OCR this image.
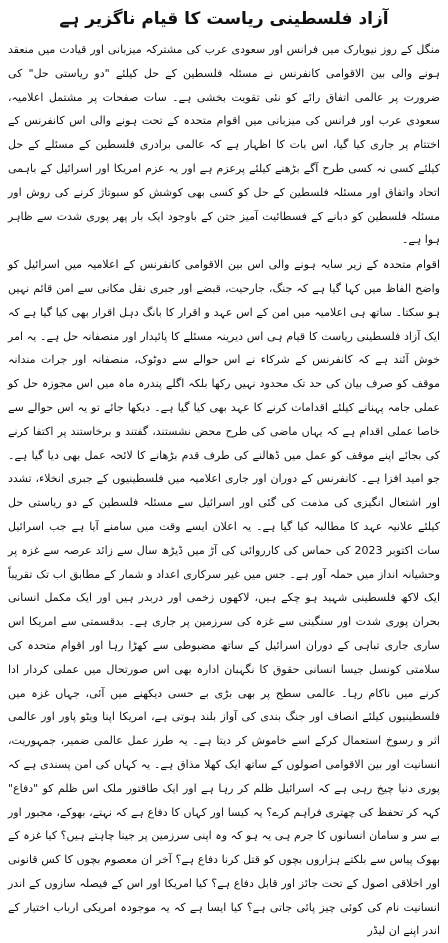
آزاد فلسطینی ریاست کا قیام ناگزیر ہے

منگل کے روز نیویارک میں فرانس اور سعودی عرب کی مشترکہ میزبانی اور قیادت میں منعقد ہونے والی بین الاقوامی کانفرنس نے مسئلہ فلسطین کے حل کیلئے "دو ریاستی حل" کی ضرورت پر عالمی اتفاق رائے کو نئی تقویت بخشی ہے۔ سات صفحات پر مشتمل اعلامیہ، سعودی عرب اور فرانس کی میزبانی میں اقوام متحدہ کے تحت ہونے والی اس کانفرنس کے اختتام پر جاری کیا گیا، اس بات کا اظہار ہے کہ عالمی برادری فلسطین کے مسئلے کے حل کیلئے کسی نہ کسی طرح آگے بڑھنے کیلئے پرعزم ہے اور یہ عزم امریکا اور اسرائیل کے باہمی اتحاد واتفاق اور مسئلہ فلسطین کے حل کو کسی بھی کوشش کو سبوتاژ کرنے کی روش اور مسئلہ فلسطین کو دبانے کے فسطائیت آمیز جتن کے باوجود ایک بار پھر پوری شدت سے ظاہر ہوا ہے۔

اقوام متحدہ کے زیر سایہ ہونے والی اس بین الاقوامی کانفرنس کے اعلامیہ میں اسرائیل کو واضح الفاظ میں کہا گیا ہے کہ جنگ، جارحیت، قبضے اور جبری نقل مکانی سے امن قائم نہیں ہو سکتا۔ ساتھ ہی اعلامیہ میں امن کے اس عہد و اقرار کا بانگ دہل اقرار بھی کیا گیا ہے کہ ایک آزاد فلسطینی ریاست کا قیام ہی اس دیرینہ مسئلے کا پائیدار اور منصفانہ حل ہے۔ یہ امر خوش آئند ہے کہ کانفرنس کے شرکاء نے اس حوالے سے دوٹوک، منصفانہ اور جرات مندانہ موقف کو صرف بیان کی حد تک محدود نہیں رکھا بلکہ اگلے پندرہ ماہ میں اس مجوزہ حل کو عملی جامہ پہنانے کیلئے اقدامات کرنے کا عہد بھی کیا گیا ہے۔ دیکھا جائے تو یہ اس حوالے سے خاصا عملی اقدام ہے کہ یہاں ماضی کی طرح محض نشستند، گفتند و برخاستند پر اکتفا کرنے کی بجائے اپنے موقف کو عمل میں ڈھالنے کی طرف قدم بڑھانے کا لائحہ عمل بھی دیا گیا ہے۔ جو امید افزا ہے۔ کانفرنس کے دوران اور جاری اعلامیہ میں فلسطینیوں کے جبری انخلاء، تشدد اور اشتعال انگیزی کی مذمت کی گئی اور اسرائیل سے مسئلہ فلسطین کے دو ریاستی حل کیلئے علانیہ عہد کا مطالبہ کیا گیا ہے۔ یہ اعلان ایسے وقت میں سامنے آیا ہے جب اسرائیل سات اکتوبر 2023 کی حماس کی کارروائی کی آڑ میں ڈیڑھ سال سے زائد عرصہ سے غزہ پر وحشیانہ انداز میں حملہ آور ہے۔ جس میں غیر سرکاری اعداد و شمار کے مطابق اب تک تقریباً ایک لاکھ فلسطینی شہید ہو چکے ہیں، لاکھوں زخمی اور دربدر ہیں اور ایک مکمل انسانی بحران پوری شدت اور سنگینی سے غزہ کی سرزمین پر جاری ہے۔ بدقسمتی سے امریکا اس ساری جاری تباہی کے دوران اسرائیل کے ساتھ مضبوطی سے کھڑا رہا اور اقوام متحدہ کی سلامتی کونسل جیسا انسانی حقوق کا نگہبان ادارہ بھی اس صورتحال میں عملی کردار ادا کرنے میں ناکام رہا۔ عالمی سطح پر بھی بڑی بے حسی دیکھنے میں آئی، جہاں غزہ میں فلسطینیوں کیلئے انصاف اور جنگ بندی کی آواز بلند ہوتی ہے، امریکا اپنا ویٹو پاور اور عالمی اثر و رسوخ استعمال کرکے اسے خاموش کر دیتا ہے۔ یہ طرز عمل عالمی ضمیر، جمہوریت، انسانیت اور بین الاقوامی اصولوں کے ساتھ ایک کھلا مذاق ہے۔ یہ کہاں کی امن پسندی ہے کہ پوری دنیا چیخ رہی ہے کہ اسرائیل ظلم کر رہا ہے اور ایک طاقتور ملک اس ظلم کو "دفاع" کہہ کر تحفظ کی چھتری فراہم کرے؟ یہ کیسا اور کہاں کا دفاع ہے کہ نہتے، بھوکے، مجبور اور بے سر و سامان انسانوں کا جرم ہی یہ ہو کہ وہ اپنی سرزمین پر جینا چاہتے ہیں؟ کیا غزہ کے بھوک پیاس سے بلکتے ہزاروں بچوں کو قتل کرنا دفاع ہے؟ آخر ان معصوم بچوں کا کس قانونی اور اخلاقی اصول کے تحت جائز اور قابل دفاع ہے؟ کیا امریکا اور اس کے فیصلہ سازوں کے اندر انسانیت نام کی کوئی چیز پائی جاتی ہے؟ کیا ایسا ہے کہ یہ موجودہ امریکی ارباب اختیار کے اندر اپنے ان لیڈر
